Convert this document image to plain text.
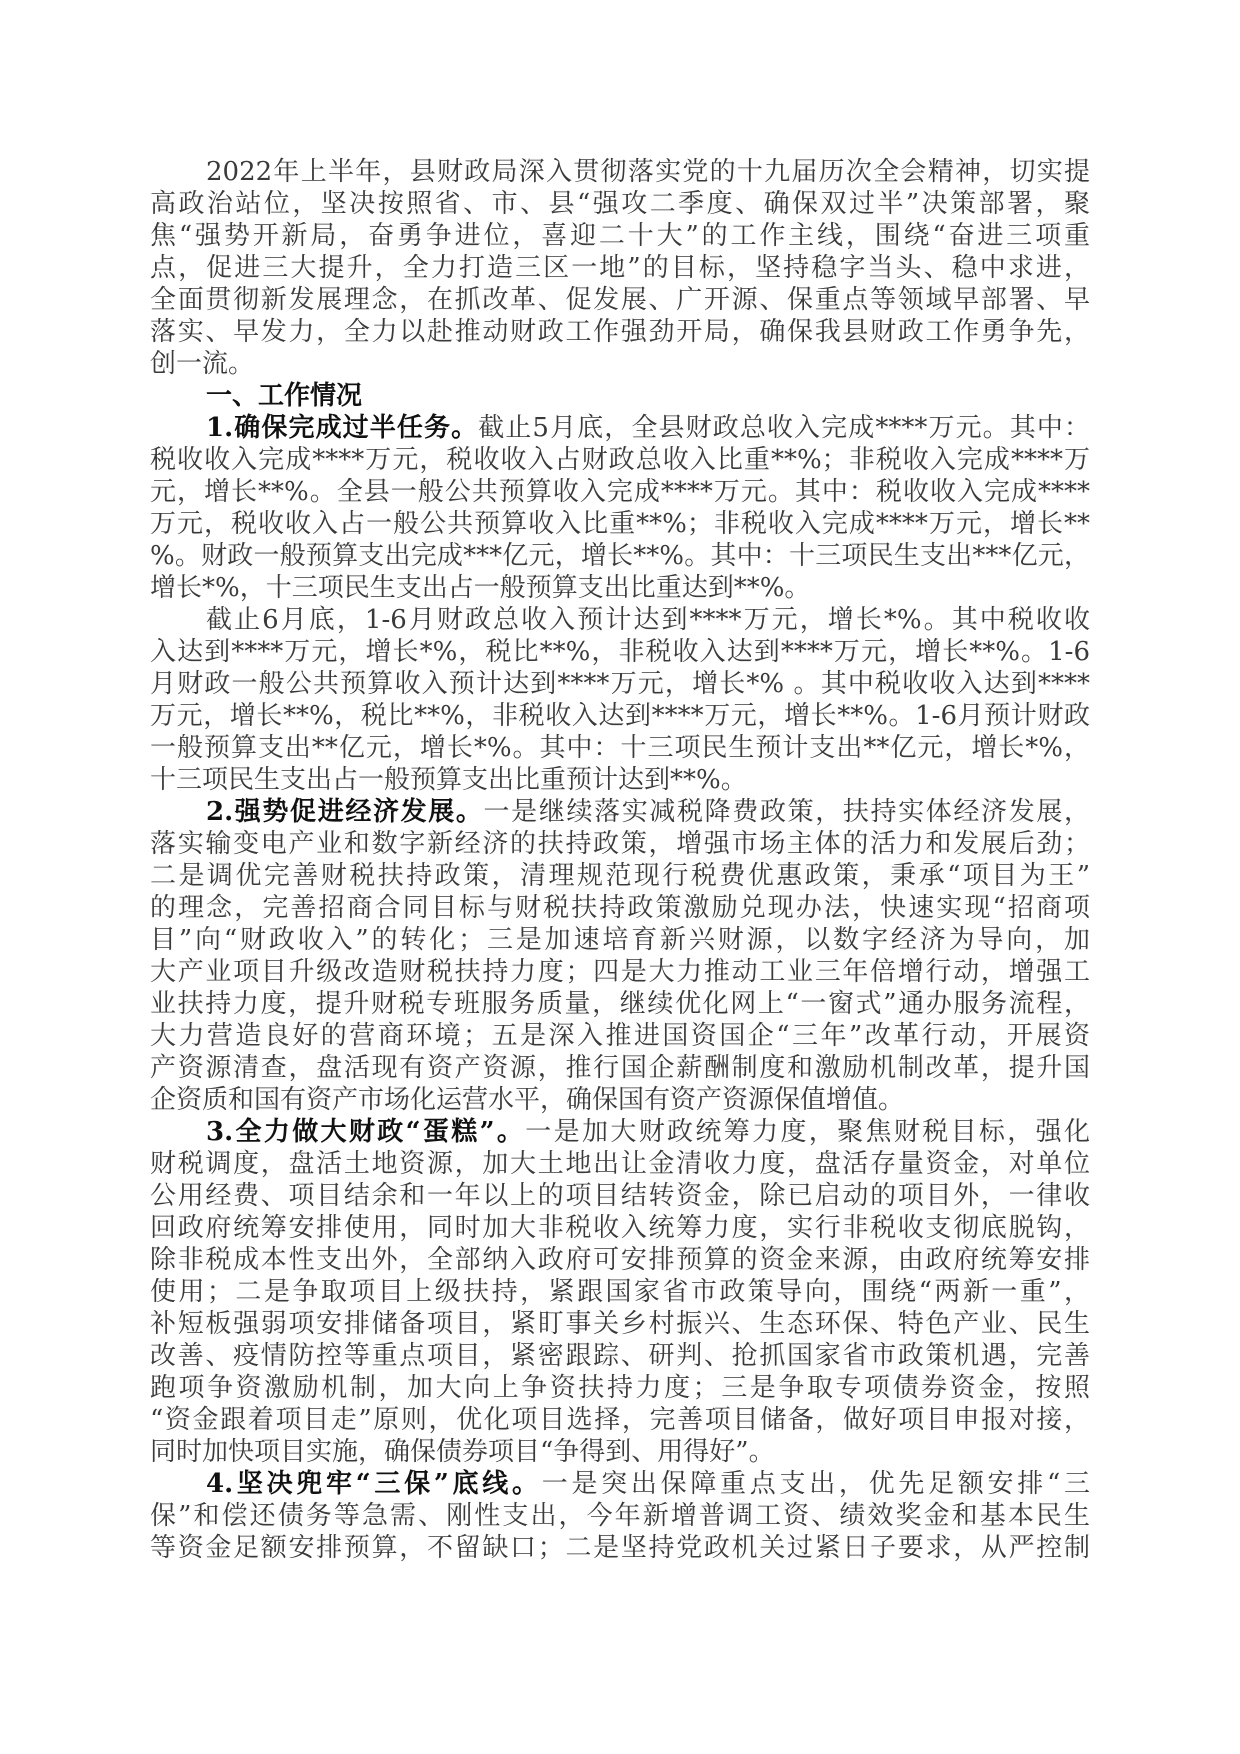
2022年上半年，县财政局深入贯彻落实党的十九届历次全会精神，切实提
高政治站位，坚决按照省、市、县“强攻二季度、确保双过半”决策部署，聚
焦“强势开新局，奋勇争进位，喜迎二十大”的工作主线，围绕“奋进三项重
点，促进三大提升，全力打造三区一地”的目标，坚持稳字当头、稳中求进，
全面贯彻新发展理念，在抓改革、促发展、广开源、保重点等领域早部署、早
落实、早发力，全力以赴推动财政工作强劲开局，确保我县财政工作勇争先，
创一流。
一、工作情况
1.确保完成过半任务。截止5月底，全县财政总收入完成****万元。其中：
税收收入完成****万元，税收收入占财政总收入比重**%；非税收入完成****万
元，增长**%。全县一般公共预算收入完成****万元。其中：税收收入完成****
万元，税收收入占一般公共预算收入比重**%；非税收入完成****万元，增长**
%。财政一般预算支出完成***亿元，增长**%。其中：十三项民生支出***亿元，
增长*%，十三项民生支出占一般预算支出比重达到**%。
截止6月底，1-6月财政总收入预计达到****万元，增长*%。其中税收收
入达到****万元，增长*%，税比**%，非税收入达到****万元，增长**%。1-6
月财政一般公共预算收入预计达到****万元，增长*% 。其中税收收入达到****
万元，增长**%，税比**%，非税收入达到****万元，增长**%。1-6月预计财政
一般预算支出**亿元，增长*%。其中：十三项民生预计支出**亿元，增长*%，
十三项民生支出占一般预算支出比重预计达到**%。
2.强势促进经济发展。一是继续落实减税降费政策，扶持实体经济发展，
落实输变电产业和数字新经济的扶持政策，增强市场主体的活力和发展后劲；
二是调优完善财税扶持政策，清理规范现行税费优惠政策，秉承“项目为王”
的理念，完善招商合同目标与财税扶持政策激励兑现办法，快速实现“招商项
目”向“财政收入”的转化；三是加速培育新兴财源，以数字经济为导向，加
大产业项目升级改造财税扶持力度；四是大力推动工业三年倍增行动，增强工
业扶持力度，提升财税专班服务质量，继续优化网上“一窗式”通办服务流程，
大力营造良好的营商环境；五是深入推进国资国企“三年”改革行动，开展资
产资源清查，盘活现有资产资源，推行国企薪酬制度和激励机制改革，提升国
企资质和国有资产市场化运营水平，确保国有资产资源保值增值。
3.全力做大财政“蛋糕”。一是加大财政统筹力度，聚焦财税目标，强化
财税调度，盘活土地资源，加大土地出让金清收力度，盘活存量资金，对单位
公用经费、项目结余和一年以上的项目结转资金，除已启动的项目外，一律收
回政府统筹安排使用，同时加大非税收入统筹力度，实行非税收支彻底脱钩，
除非税成本性支出外，全部纳入政府可安排预算的资金来源，由政府统筹安排
使用；二是争取项目上级扶持，紧跟国家省市政策导向，围绕“两新一重”，
补短板强弱项安排储备项目，紧盯事关乡村振兴、生态环保、特色产业、民生
改善、疫情防控等重点项目，紧密跟踪、研判、抢抓国家省市政策机遇，完善
跑项争资激励机制，加大向上争资扶持力度；三是争取专项债券资金，按照
“资金跟着项目走”原则，优化项目选择，完善项目储备，做好项目申报对接，
同时加快项目实施，确保债券项目“争得到、用得好”。
4.坚决兜牢“三保”底线。一是突出保障重点支出，优先足额安排“三
保”和偿还债务等急需、刚性支出，今年新增普调工资、绩效奖金和基本民生
等资金足额安排预算，不留缺口；二是坚持党政机关过紧日子要求，从严控制
